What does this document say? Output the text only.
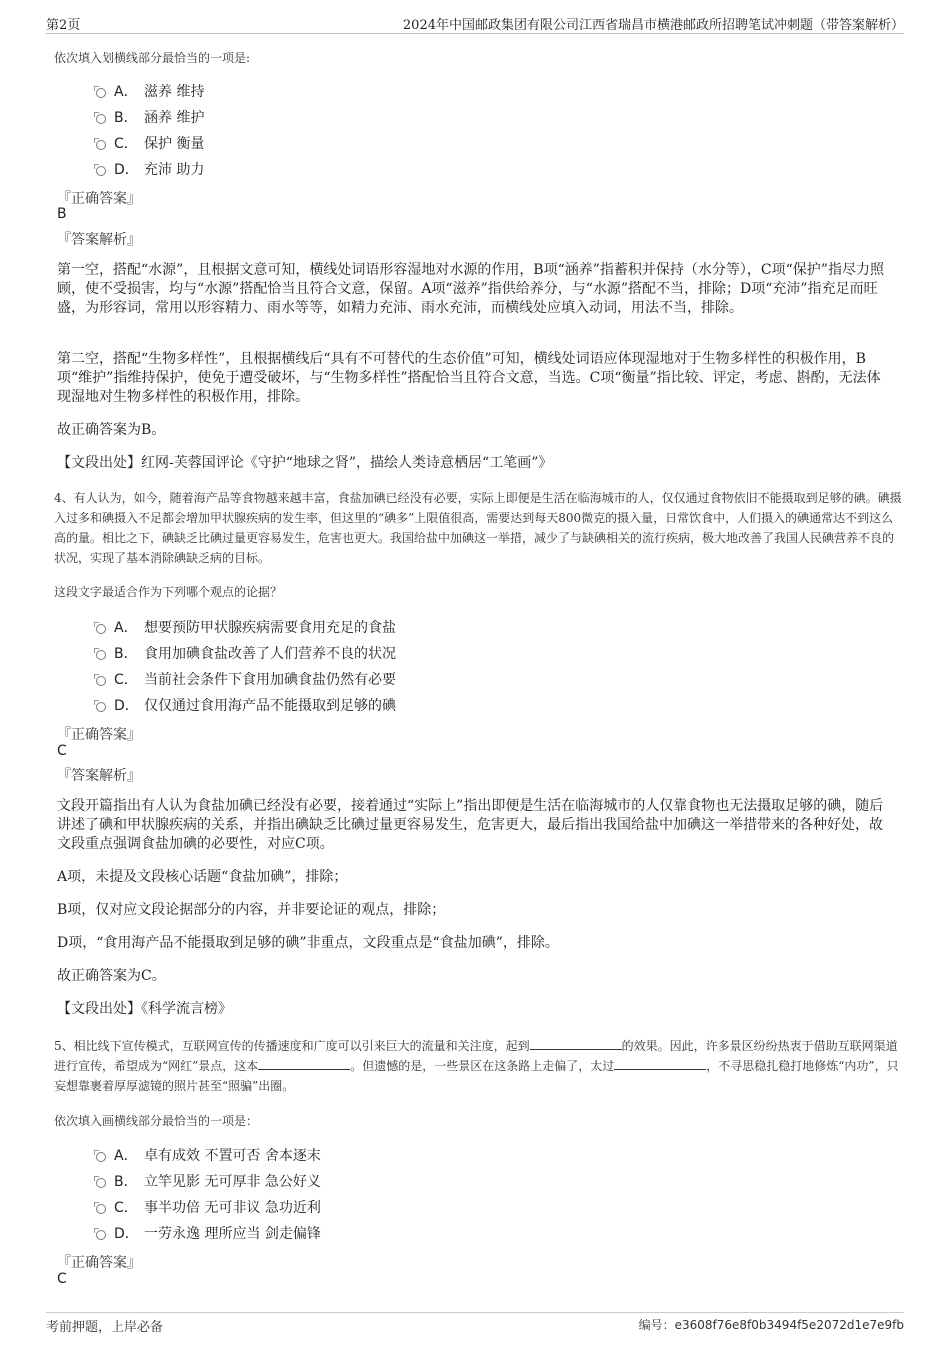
第2页	2024年中国邮政集团有限公司江西省瑞昌市横港邮政所招聘笔试冲刺题（带答案解析）
依次填入划横线部分最恰当的一项是:
A． 滋养 维持
B． 涵养 维护
C． 保护 衡量
D． 充沛 助力
『正确答案』
B
『答案解析』
第一空，搭配“水源”，且根据文意可知，横线处词语形容湿地对水源的作用，B项“涵养”指蓄积并保持（水分等），C项“保护”指尽力照顾，使不受损害，均与“水源”搭配恰当且符合文意，保留。A项“滋养”指供给养分，与“水源”搭配不当，排除；D项“充沛”指充足而旺盛，为形容词，常用以形容精力、雨水等等，如精力充沛、雨水充沛，而横线处应填入动词，用法不当，排除。
第二空，搭配“生物多样性”，且根据横线后“具有不可替代的生态价值”可知，横线处词语应体现湿地对于生物多样性的积极作用，B项“维护”指维持保护，使免于遭受破坏，与“生物多样性”搭配恰当且符合文意，当选。C项“衡量”指比较、评定，考虑、斟酌，无法体现湿地对生物多样性的积极作用，排除。
故正确答案为B。
【文段出处】红网-芙蓉国评论《守护“地球之肾”，描绘人类诗意栖居“工笔画”》
4、有人认为，如今，随着海产品等食物越来越丰富，食盐加碘已经没有必要，实际上即便是生活在临海城市的人，仅仅通过食物依旧不能摄取到足够的碘。碘摄入过多和碘摄入不足都会增加甲状腺疾病的发生率，但这里的“碘多”上限值很高，需要达到每天800微克的摄入量，日常饮食中，人们摄入的碘通常达不到这么高的量。相比之下，碘缺乏比碘过量更容易发生，危害也更大。我国给盐中加碘这一举措，减少了与缺碘相关的流行疾病，极大地改善了我国人民碘营养不良的状况，实现了基本消除碘缺乏病的目标。
这段文字最适合作为下列哪个观点的论据？
A． 想要预防甲状腺疾病需要食用充足的食盐
B． 食用加碘食盐改善了人们营养不良的状况
C． 当前社会条件下食用加碘食盐仍然有必要
D． 仅仅通过食用海产品不能摄取到足够的碘
『正确答案』
C
『答案解析』
文段开篇指出有人认为食盐加碘已经没有必要，接着通过“实际上”指出即便是生活在临海城市的人仅靠食物也无法摄取足够的碘，随后讲述了碘和甲状腺疾病的关系，并指出碘缺乏比碘过量更容易发生，危害更大，最后指出我国给盐中加碘这一举措带来的各种好处，故文段重点强调食盐加碘的必要性，对应C项。
A项，未提及文段核心话题“食盐加碘”，排除；
B项，仅对应文段论据部分的内容，并非要论证的观点，排除；
D项，“食用海产品不能摄取到足够的碘”非重点，文段重点是“食盐加碘”，排除。
故正确答案为C。
【文段出处】《科学流言榜》
5、相比线下宣传模式，互联网宣传的传播速度和广度可以引来巨大的流量和关注度，起到	的效果。因此，许多景区纷纷热衷于借助互联网渠道进行宣传，希望成为“网红”景点，这本	。但遗憾的是，一些景区在这条路上走偏了，太过	，不寻思稳扎稳打地修炼“内功”，只妄想靠裹着厚厚滤镜的照片甚至“照骗”出圈。
依次填入画横线部分最恰当的一项是：
A． 卓有成效 不置可否 舍本逐末
B． 立竿见影 无可厚非 急公好义
C． 事半功倍 无可非议 急功近利
D． 一劳永逸 理所应当 剑走偏锋
『正确答案』
C
考前押题，上岸必备	编号：e3608f76e8f0b3494f5e2072d1e7e9fb
